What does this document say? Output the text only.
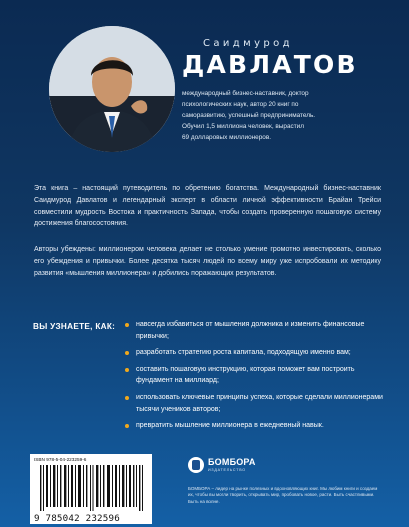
Саидмурод
ДАВЛАТОВ
международный бизнес-наставник, доктор
психологических наук, автор 20 книг по
саморазвитию, успешный предприниматель.
Обучил 1,5 миллиона человек, вырастил
69 долларовых миллионеров.
Эта книга – настоящий путеводитель по обретению богатства. Международный бизнес-наставник Саидмурод Давлатов и легендарный эксперт в области личной эффективности Брайан Трейси совместили мудрость Востока и практичность Запада, чтобы создать проверенную пошаговую систему достижения благосостояния.
Авторы убеждены: миллионером человека делает не столько умение громотно инвестировать, сколько его убеждения и привычки. Более десятка тысяч людей по всему миру уже испробовали их методику развития «мышления миллионера» и добились поражающих результатов.
ВЫ УЗНАЕТЕ, КАК:	навсегда избавиться от мышления должника и изменить финансовые привычки;
разработать стратегию роста капитала, подходящую именно вам;
составить пошаговую инструкцию, которая поможет вам построить фундамент на миллиард;
использовать ключевые принципы успеха, которые сделали миллионерами тысячи учеников авторов;
превратить мышление миллионера в ежедневный навык.
ISBN 978-5-04-223259-6
9 785042 232596
БОМБОРА
ИЗДАТЕЛЬСТВО
БОМБОРА – лидер на рынке полезных и вдохновляющих книг. Мы любим книги и создаем их, чтобы вы могли творить, открывать мир, пробовать новое, расти. Быть счастливыми. Быть на волне.
